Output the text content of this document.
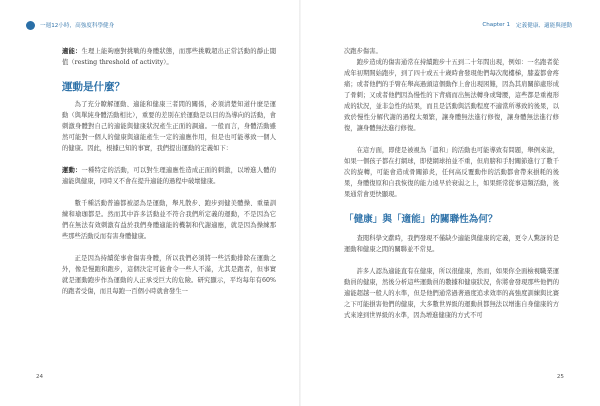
一週12小時，高強度科學健身

適能：生理上能夠應對挑戰的身體狀態，而那些挑戰超出正常活動的靜止閾值（resting threshold of activity）。

運動是什麼？

為了充分瞭解運動、適能和健康三者間的關係，必須清楚知道什麼是運動（與單純身體活動相比），重要的差別在於運動是以目的為導向的活動，會刺激身體對自己的適能與健康狀況產生正面的調適。一般而言，身體活動雖然可能對一個人的健康與適能產生一定的適應作用，但是也可能導致一個人的健康。因此，根據已知的事實，我們提出運動的定義如下：

運動：一種特定的活動，可以對生理適應性造成正面的刺激，以增進人體的適能與健康，同時又不會在提升適能的過程中破壞健康。

數千種活動普遍都被認為是運動，舉凡散步、跑步到健美體操、重量訓練和瑜珈都是。然而其中許多活動並不符合我們所定義的運動，不是因為它們在無法有效刺激有益於我們身體適能的機制和代謝適應，就是因為操練那些那些活動反而有害身體健康。

正是因為持續從事會傷害身體，所以我們必須將一些活動排除在運動之外，像是慢跑和跑步，這個決定可能會令一些人不滿，尤其是跑者，但事實就是運動跑步作為運動的人正承受巨大的危險。研究顯示，平均每年有60%的跑者受傷，而且每跑一百個小時就會發生一

24
Chapter 1 定義健康、適能與運動

次跑步傷害。

跑步造成的傷害通常在持續跑步十五到二十年間出現，例如：一名跑者從成年初期開始跑步，到了四十或五十歲時會發現他們每次爬樓梯，膝蓋都會疼痛；或者他們的手臂在舉高過頭這個動作上會出現困難，因為其肩關節處形成了骨刺；又或者他們因為慢性的下背痛而出無法轉身或彎腰，這些都是重複形成的狀況，並非急性的結果，而且是活動與活動程度不適當所導致的後果，以致於慢性分解代謝的過程太頻繁，讓身體無法進行修復，讓身體無法進行修復，讓身體無法進行修復。

在這方面，即使是被視為「溫和」的活動也可能導致有問題，舉例來說，如果一個孩子都在打網球，即使網球拍並不重，但肩膀和手肘關節進行了數千次的旋轉，可能會造成骨關節炎，任何高反覆動作的活動都會帶來損耗的後果，身體復原和自我恢復的能力遠早於衰弱之上，如果經常從事這類活動，後果通常會更快顯現。

「健康」與「適能」的關聯性為何？

查閱科學文獻時，我們發現不僅缺少適能與健康的定義，更令人驚訝的是運動和健康之間的關聯並不常見。

許多人認為適能直有在健康，所以很健康，然而，如果你全面檢視職業運動員的健康，然後分析這些運動員的數據和健康狀況，你將會發現那些他們的適能超越一般人的水準，但是他們通常過著過度追求效率的高強度訓練與比賽之下可能損害他們的健康，大多數世界級的運動員都無法以增進自身健康的方式來達到世界級的水準，因為增進健康的方式不可

25
